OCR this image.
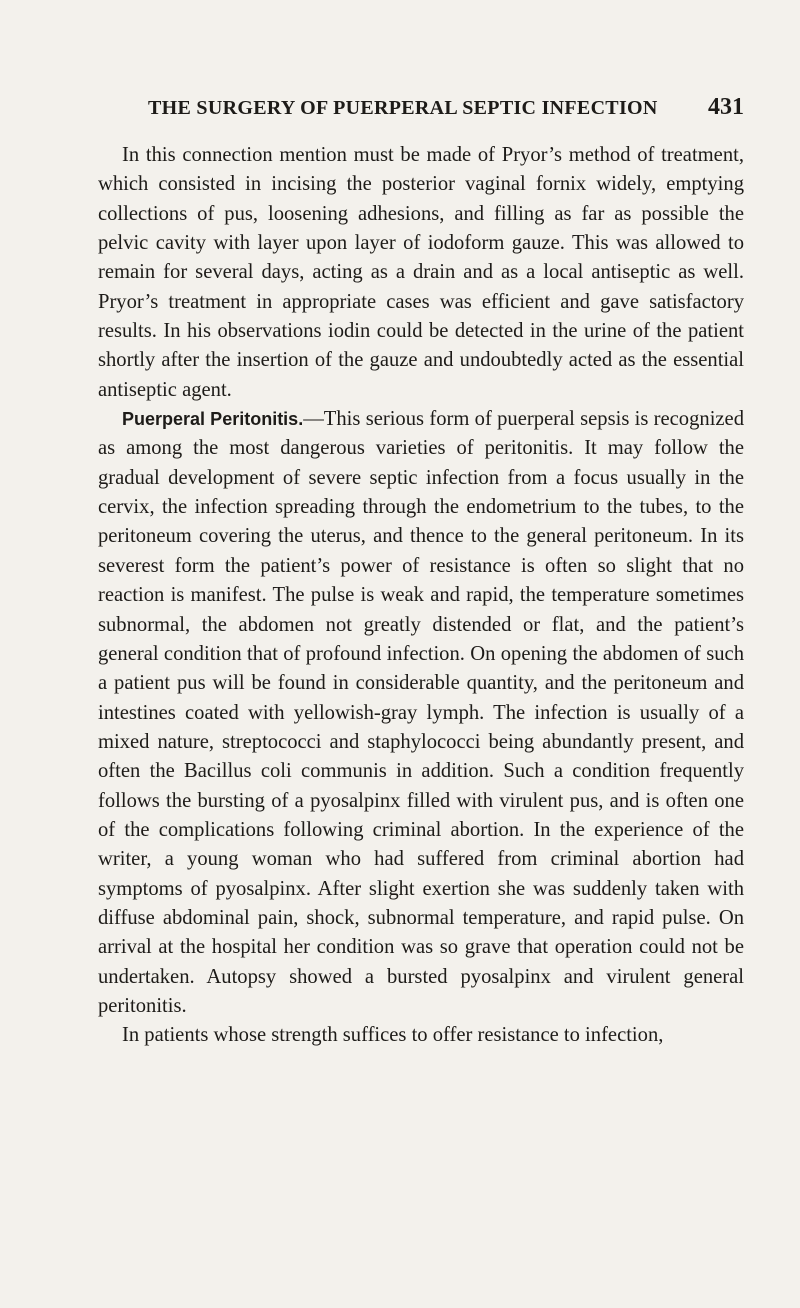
THE SURGERY OF PUERPERAL SEPTIC INFECTION 431

In this connection mention must be made of Pryor’s method of treatment, which consisted in incising the posterior vaginal fornix widely, emptying collections of pus, loosening adhesions, and filling as far as possible the pelvic cavity with layer upon layer of iodoform gauze. This was allowed to remain for several days, acting as a drain and as a local antiseptic as well. Pryor’s treatment in appropriate cases was efficient and gave satisfactory results. In his observations iodin could be detected in the urine of the patient shortly after the insertion of the gauze and undoubtedly acted as the essential antiseptic agent.

Puerperal Peritonitis.—This serious form of puerperal sepsis is recognized as among the most dangerous varieties of peritonitis. It may follow the gradual development of severe septic infection from a focus usually in the cervix, the infection spreading through the endometrium to the tubes, to the peritoneum covering the uterus, and thence to the general peritoneum. In its severest form the patient’s power of resistance is often so slight that no reaction is manifest. The pulse is weak and rapid, the temperature sometimes subnormal, the abdomen not greatly distended or flat, and the patient’s general condition that of profound infection. On opening the abdomen of such a patient pus will be found in considerable quantity, and the peritoneum and intestines coated with yellowish-gray lymph. The infection is usually of a mixed nature, streptococci and staphylococci being abundantly present, and often the Bacillus coli communis in addition. Such a condition frequently follows the bursting of a pyosalpinx filled with virulent pus, and is often one of the complications following criminal abortion. In the experience of the writer, a young woman who had suffered from criminal abortion had symptoms of pyosalpinx. After slight exertion she was suddenly taken with diffuse abdominal pain, shock, subnormal temperature, and rapid pulse. On arrival at the hospital her condition was so grave that operation could not be undertaken. Autopsy showed a bursted pyosalpinx and virulent general peritonitis.

In patients whose strength suffices to offer resistance to infection,
